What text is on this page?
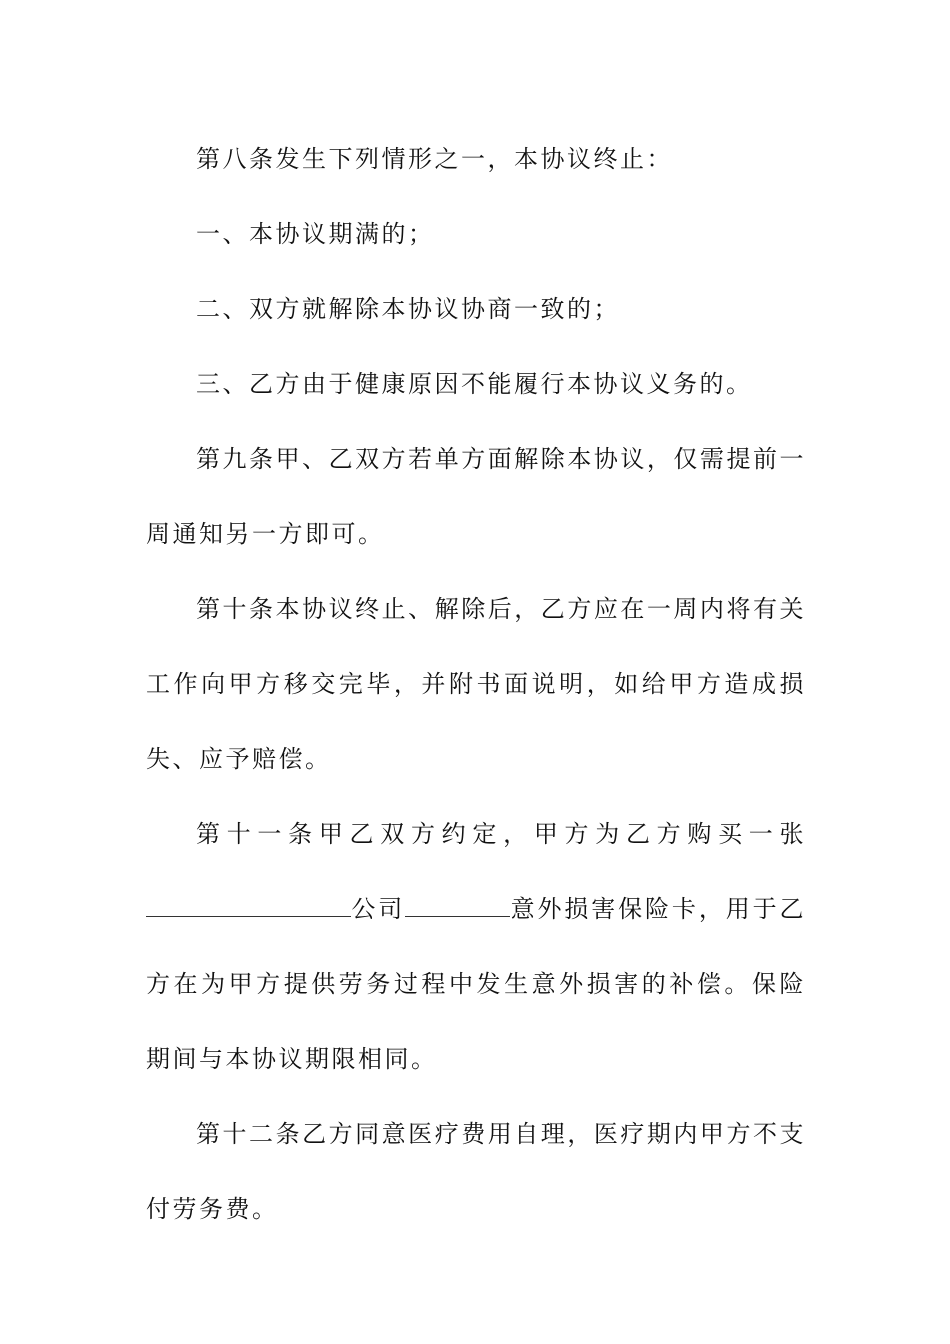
第八条发生下列情形之一，本协议终止：

一、本协议期满的；

二、双方就解除本协议协商一致的；

三、乙方由于健康原因不能履行本协议义务的。

第九条甲、乙双方若单方面解除本协议，仅需提前一周通知另一方即可。

第十条本协议终止、解除后，乙方应在一周内将有关工作向甲方移交完毕，并附书面说明，如给甲方造成损失、应予赔偿。

第十一条甲乙双方约定，甲方为乙方购买一张公司	意外损害保险卡，用于乙方在为甲方提供劳务过程中发生意外损害的补偿。保险期间与本协议期限相同。

第十二条乙方同意医疗费用自理，医疗期内甲方不支付劳务费。
